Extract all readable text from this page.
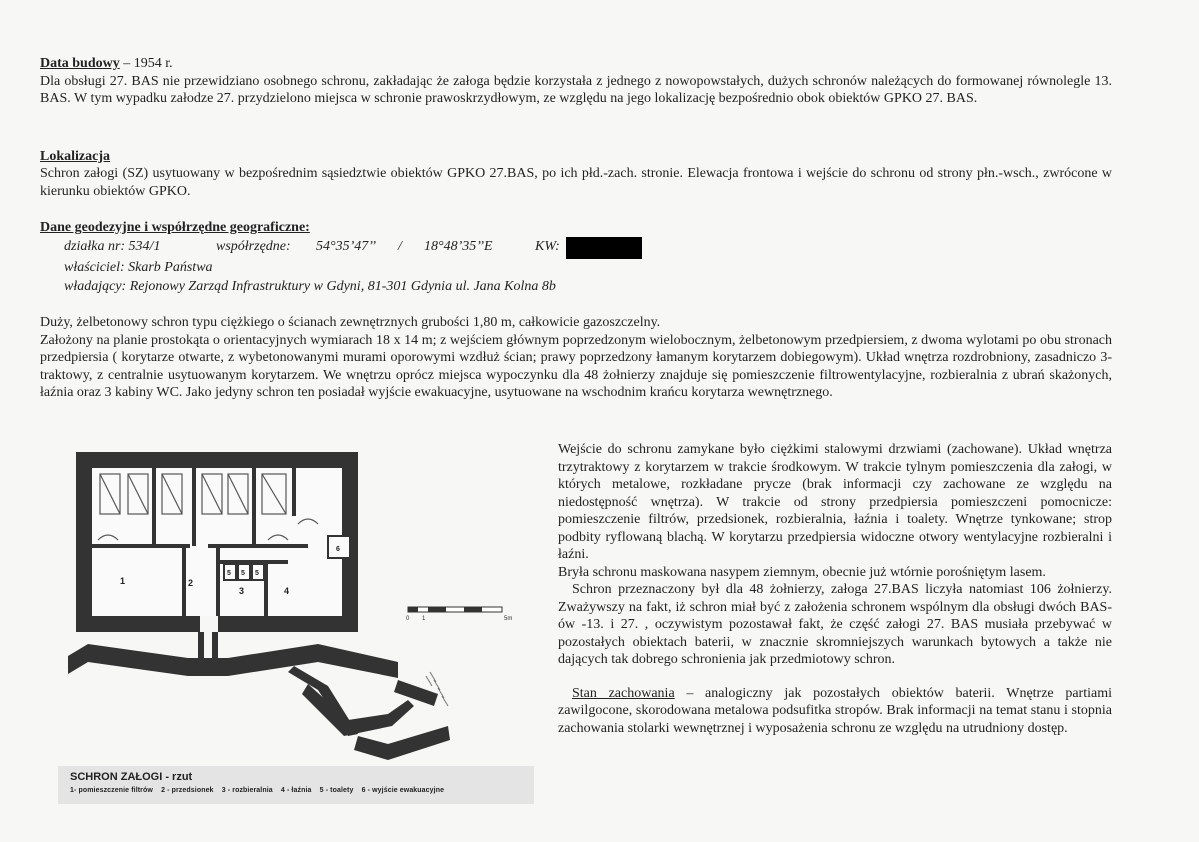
Data budowy – 1954 r.
Dla obsługi 27. BAS nie przewidziano osobnego schronu, zakładając że załoga będzie korzystała z jednego z nowopowstałych, dużych schronów należących do formowanej równolegle 13. BAS. W tym wypadku załodze 27. przydzielono miejsca w schronie prawoskrzydłowym, ze względu na jego lokalizację bezpośrednio obok obiektów GPKO 27. BAS.
Lokalizacja
Schron załogi (SZ) usytuowany w bezpośrednim sąsiedztwie obiektów GPKO 27.BAS, po ich płd.-zach. stronie. Elewacja frontowa i wejście do schronu od strony płn.-wsch., zwrócone w kierunku obiektów GPKO.
Dane geodezyjne i współrzędne geograficzne:
działka nr: 534/1	współrzędne: 54°35’47’’ / 18°48’35’’E	KW:
właściciel: Skarb Państwa
władający: Rejonowy Zarząd Infrastruktury w Gdyni, 81-301 Gdynia ul. Jana Kolna 8b
Duży, żelbetonowy schron typu ciężkiego o ścianach zewnętrznych grubości 1,80 m, całkowicie gazoszczelny.
Założony na planie prostokąta o orientacyjnych wymiarach 18 x 14 m; z wejściem głównym poprzedzonym wielobocznym, żelbetonowym przedpiersiem, z dwoma wylotami po obu stronach przedpiersia ( korytarze otwarte, z wybetonowanymi murami oporowymi wzdłuż ścian; prawy poprzedzony łamanym korytarzem dobiegowym). Układ wnętrza rozdrobniony, zasadniczo 3-traktowy, z centralnie usytuowanym korytarzem. We wnętrzu oprócz miejsca wypoczynku dla 48 żołnierzy znajduje się pomieszczenie filtrowentylacyjne, rozbieralnia z ubrań skażonych, łaźnia oraz 3 kabiny WC. Jako jedyny schron ten posiadał wyjście ewakuacyjne, usytuowane na wschodnim krańcu korytarza wewnętrznego.
1	2
3	4
5 5 5
6
0 1	5m
SCHRON ZAŁOGI - rzut
1- pomieszczenie filtrów    2 - przedsionek    3 - rozbieralnia    4 - łaźnia    5 - toalety    6 - wyjście ewakuacyjne

Wejście do schronu zamykane było ciężkimi stalowymi drzwiami (zachowane). Układ wnętrza trzytraktowy z korytarzem w trakcie środkowym. W trakcie tylnym pomieszczenia dla załogi, w których metalowe, rozkładane prycze (brak informacji czy zachowane ze względu na niedostępność wnętrza). W trakcie od strony przedpiersia pomieszczeni pomocnicze: pomieszczenie filtrów, przedsionek, rozbieralnia, łaźnia i toalety. Wnętrze tynkowane; strop podbity ryflowaną blachą. W korytarzu przedpiersia widoczne otwory wentylacyjne rozbieralni i łaźni.

Bryła schronu maskowana nasypem ziemnym, obecnie już wtórnie porośniętym lasem.

Schron przeznaczony był dla 48 żołnierzy, załoga 27.BAS liczyła natomiast 106 żołnierzy. Zważywszy na fakt, iż schron miał być z założenia schronem wspólnym dla obsługi dwóch BAS-ów -13. i 27. , oczywistym pozostawał fakt, że część załogi 27. BAS musiała przebywać w pozostałych obiektach baterii, w znacznie skromniejszych warunkach bytowych a także nie dających tak dobrego schronienia jak przedmiotowy schron.

Stan zachowania – analogiczny jak pozostałych obiektów baterii. Wnętrze partiami zawilgocone, skorodowana metalowa podsufitka stropów. Brak informacji na temat stanu i stopnia zachowania stolarki wewnętrznej i wyposażenia schronu ze względu na utrudniony dostęp.
